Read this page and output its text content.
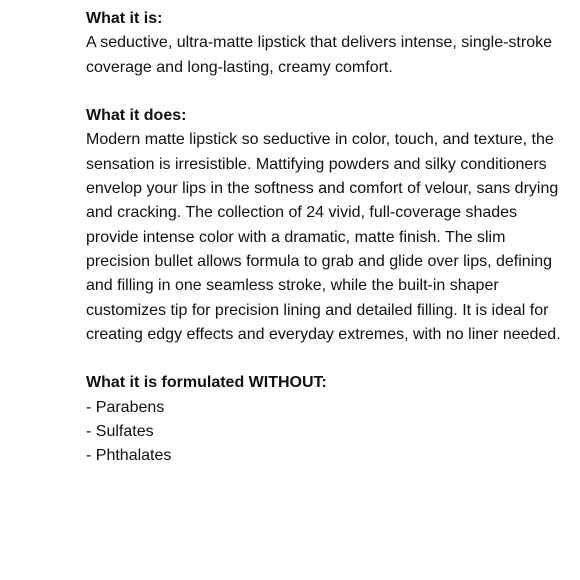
What it is:

A seductive, ultra-matte lipstick that delivers intense, single-stroke coverage and long-lasting, creamy comfort.

What it does:

Modern matte lipstick so seductive in color, touch, and texture, the sensation is irresistible. Mattifying powders and silky conditioners envelop your lips in the softness and comfort of velour, sans drying and cracking. The collection of 24 vivid, full-coverage shades provide intense color with a dramatic, matte finish. The slim precision bullet allows formula to grab and glide over lips, defining and filling in one seamless stroke, while the built-in shaper customizes tip for precision lining and detailed filling. It is ideal for creating edgy effects and everyday extremes, with no liner needed.

What it is formulated WITHOUT:

- Parabens
- Sulfates
- Phthalates
